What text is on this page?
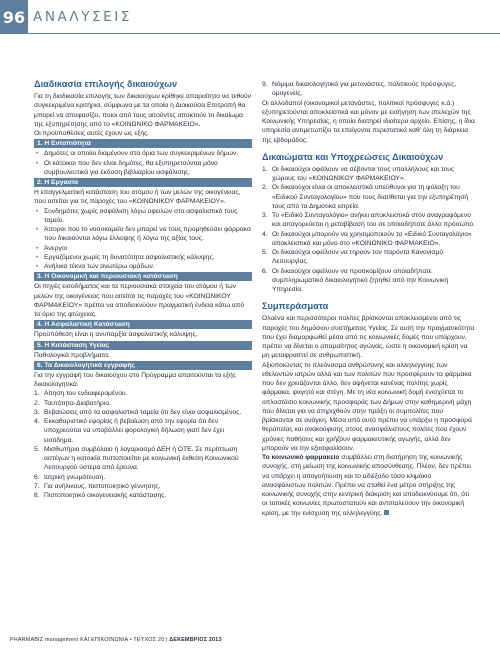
96 ΑΝΑΛΥΣΕΙΣ
Διαδικασία επιλογής δικαιούχων

Για τη διαδικασία επιλογής των δικαιούχων κρίθηκε απαραίτητο να τεθούν συγκεκριμένα κριτήρια, σύμφωνα με τα οποία η Διοικούσα Επιτροπή θα μπορεί να αποφασίζει, ποιοι από τους αιτούντες αποκτούν το δικαίωμα της εξυπηρέτησης από το «ΚΟΙΝΩΝΙΚΟ ΦΑΡΜΑΚΕΙΟ».

Οι προϋποθέσεις αυτές έχουν ως εξής.

1. Η Εντοπιότητα
• Δημότες οι οποίοι διαμένουν στα όρια των συγκεκριμένων δήμων.
• Οι κάτοικοι που δεν είναι δημότες, θα εξυπηρετούνται μόνο συμβουλευτικά για έκδοση βιβλιαρίου ασφάλισης.
2. Η Εργασία

Η επαγγελματική κατάσταση του ατόμου ή των μελών της οικογένειας, που αιτείται για τις παροχές του «ΚΟΙΝΩΝΙΚΟΥ ΦΑΡΜΑΚΕΙΟΥ».

• Συνδημότες χωρίς ασφάλιση λόγω οφειλών στο ασφαλιστικό τους ταμείο.
• Άποροι που το νοσοκομείο δεν μπορεί να τους προμηθεύσει φάρμακα που δικαιούνται λόγω έλλειψης ή λόγω της αξίας τους.
• Άνεργοι
• Εργαζόμενοι χωρίς τη δυνατότητα ασφαλιστικής κάλυψης.
• Ανήλικα τέκνα των ανωτέρω ομάδων.
3. Η Οικονομική και περιουσιακή κατάσταση

Οι πηγές εισοδήματος και τα περιουσιακά στοιχεία του ατόμου ή των μελών της οικογένειας που αιτείται τις παροχές του «ΚΟΙΝΩΝΙΚΟΥ ΦΑΡΜΑΚΕΙΟΥ» πρέπει να αποδεικνύουν πραγματική ένδεια κάτω από το όριο της φτώχειας.

4. Η Ασφαλιστική Κατάσταση

Προϋπόθεση είναι η ανυπαρξία ασφαλιστικής κάλυψης.

5. Η Κατάσταση Υγείας

Παθολογικά προβλήματα.

6. Τα Δικαιολογητικά εγγραφής

Για την εγγραφή του δικαιούχου στο Πρόγραμμα απαιτούνται τα εξής δικαιολογητικά.

1. Αίτηση του ενδιαφερομένου.
2. Ταυτότητα-Διαβατήριο.
3. Βεβαιώσεις από τα ασφαλιστικά ταμεία ότι δεν είναι ασφαλισμένος.
4. Εκκαθαριστικό εφορίας ή βεβαίωση από την εφορία ότι δεν υποχρεούται να υποβάλλει φορολογική δήλωση γιατί δεν έχει εισόδημα.
5. Μισθωτήριο συμβόλαιο ή λογαριασμό ΔΕΗ ή ΟΤΕ. Σε περίπτωση αστέγων η κατοικία πιστοποιείται με κοινωνική έκθεση Κοινωνικού Λειτουργού ύστερα από έρευνα.
6. Ιατρική γνωμάτευση.
7. Για ανήλικους, πιστοποιητικό γέννησης.
8. Πιστοποιητικό οικογενειακής κατάστασης.
9. Νόμιμα δικαιολογητικά για μετανάστες, πολιτικούς πρόσφυγες, ομογενείς.

Οι αλλοδαποί (οικονομικοί μετανάστες, πολιτικοί πρόσφυγες κ.ά.) εξυπηρετούνται αποκλειστικά και μόνον με εισήγηση των στελεχών της Κοινωνικής Υπηρεσίας, η οποία διατηρεί ιδιαίτερο αρχείο. Επίσης, η ίδια υπηρεσία αντιμετωπίζει τα επείγοντα περιστατικά καθ' όλη τη διάρκεια της εβδομάδος.

Δικαιώματα και Υποχρεώσεις Δικαιούχων
1. Οι δικαιούχοι οφείλουν να σέβονται τους υπαλλήλους και τους χώρους του «ΚΟΙΝΩΝΙΚΟΥ ΦΑΡΜΑΚΕΙΟΥ».
2. Οι δικαιούχοι είναι οι αποκλειστικά υπεύθυνοι για τη φύλαξη του «Ειδικού Συνταγολογίου» που τους διατίθεται για την εξυπηρέτησή τους από τα Δημοτικά ιατρεία.
3. Το «Ειδικό Συνταγολόγιο» ανήκει αποκλειστικά στον αναγραφόμενο και απαγορεύεται η μεταβίβασή του σε οποιοδήποτε άλλο πρόσωπο.
4. Οι δικαιούχοι μπορούν να χρησιμοποιούν το «Ειδικό Συνταγολόγιο» αποκλειστικά και μόνο στο «ΚΟΙΝΩΝΙΚΟ ΦΑΡΜΑΚΕΙΟ».
5. Οι δικαιούχοι οφείλουν να τηρούν τον παρόντα Κανονισμό Λειτουργίας.
6. Οι δικαιούχοι οφείλουν να προσκομίζουν οποιαδήποτε συμπληρωματικό δικαιολογητικό ζητηθεί από την Κοινωνική Υπηρεσία.
Συμπεράσματα

Ολοένα και περισσότεροι πολίτες βρίσκονται αποκλεισμένοι από τις παροχές του δημόσιου συστήματος Υγείας. Σε αυτή την πραγματικότητα που έχει διαμορφωθεί μέσα από τις κοινωνικές δομές που υπάρχουν, πρέπει να δίνεται ο απαραίτητος αγώνας, ώστε η οικονομική κρίση να μη μεταφραστεί σε ανθρωπιστική.

Αξιοποιώντας το πλεόνασμα ανθρώπινης και αλληλεγγύης των εθελοντών ιατρών αλλά και των πολιτών που προσφέρουν τα φάρμακα που δεν χρειάζονται άλλο, δεν αφήνεται κανένας πολίτης χωρίς φάρμακα, φαγητό και στέγη. Με τη νέα κοινωνική δομή ενισχύεται το οπλοστάσιο κοινωνικής προσφοράς των Δήμων στην καθημερινή μάχη που δίνεται για να στηριχθούν στην πράξη οι συμπολίτες που βρίσκονται σε ανάγκη. Μέσα από αυτό πρέπει να υπάρξει η προσφορά θεραπείας και ανακούφισης στους ανασφάλιστους πολίτες που έχουν χρόνιες παθήσεις και χρήζουν φαρμακευτικής αγωγής, αλλά δεν μπορούν να την εξασφαλίσουν.

Το κοινωνικό φαρμακείο συμβάλλει στη διατήρηση της κοινωνικής συνοχής, στη μείωση της κοινωνικής αποσύνθεσης. Πλέον, δεν πρέπει να υπάρχει η απογοήτευση και το αδιέξοδο τόσο κλιμάκιο ανασφάλιστων πολιτών. Πρέπει να σταθεί ένα μέτρο στήριξης της κοινωνικής συνοχής στην κεντρική διάκριση και αποδεικνύουμε ότι, ότι οι τοπικές κοινωνίες πρωτοστατούν και αντιπαλεύουν την οικονομική κρίση, με την ενίσχυση της αλληλεγγύης.

PHARMABIZ management ΚΑΙ ΕΠΙΚΟΙΝΩΝΙΑ • ΤΕΥΧΟΣ 20 | ΔΕΚΕΜΒΡΙΟΣ 2013
